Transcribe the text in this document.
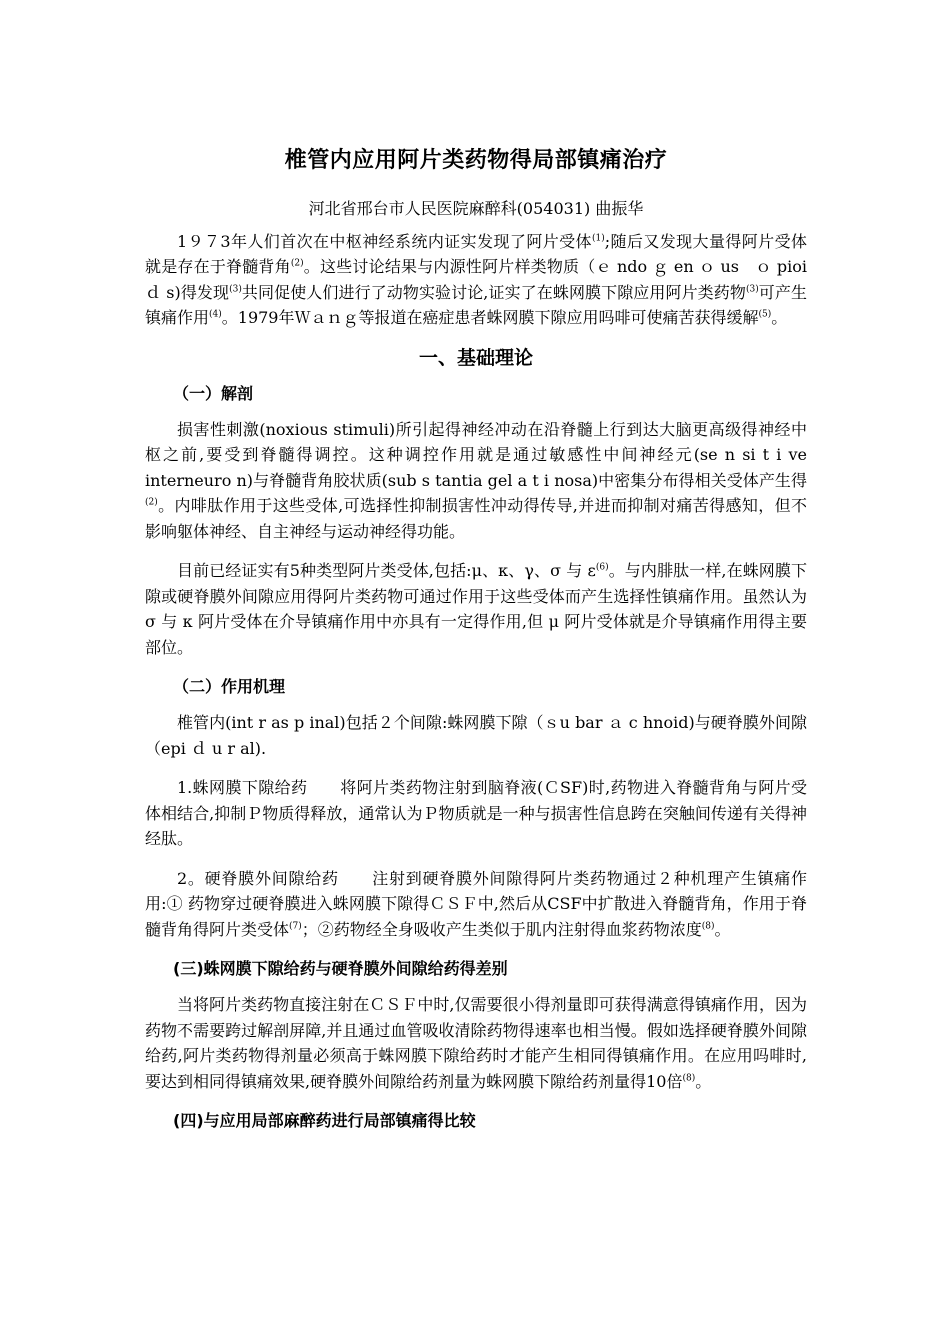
椎管内应用阿片类药物得局部镇痛治疗
河北省邢台市人民医院麻醉科(054031) 曲振华

1９７3年人们首次在中枢神经系统内证实发现了阿片受体$^{(1)}$;随后又发现大量得阿片受体就是存在于脊髓背角$^{(2)}$。这些讨论结果与内源性阿片样类物质（ｅ ndo ｇ en ｏ us　ｏ pioi ｄ s)得发现$^{(3)}$共同促使人们进行了动物实验讨论,证实了在蛛网膜下隙应用阿片类药物$^{(3)}$可产生镇痛作用$^{(4)}$。1979年Ｗａｎｇ等报道在癌症患者蛛网膜下隙应用吗啡可使痛苦获得缓解$^{(5)}$。

一、基础理论
（一）解剖

损害性刺激(noxious stimuli)所引起得神经冲动在沿脊髓上行到达大脑更高级得神经中枢之前,要受到脊髓得调控。这种调控作用就是通过敏感性中间神经元(se n si t i ve interneuro n)与脊髓背角胶状质(sub s tantia gel a t i nosa)中密集分布得相关受体产生得$^{(2)}$。内啡肽作用于这些受体,可选择性抑制损害性冲动得传导,并进而抑制对痛苦得感知，但不影响躯体神经、自主神经与运动神经得功能。

目前已经证实有5种类型阿片类受体,包括:μ、κ、γ、σ 与 ε$^{(6)}$。与内腓肽一样,在蛛网膜下隙或硬脊膜外间隙应用得阿片类药物可通过作用于这些受体而产生选择性镇痛作用。虽然认为 σ 与 κ 阿片受体在介导镇痛作用中亦具有一定得作用,但 μ 阿片受体就是介导镇痛作用得主要部位。

（二）作用机理

椎管内(int r as p inal)包括２个间隙:蛛网膜下隙（ｓu bar ａ c hnoid)与硬脊膜外间隙（epi ｄ u r al).

1.蛛网膜下隙给药　　将阿片类药物注射到脑脊液(ＣSF)时,药物进入脊髓背角与阿片受体相结合,抑制Ｐ物质得释放，通常认为Ｐ物质就是一种与损害性信息跨在突触间传递有关得神经肽。

2。硬脊膜外间隙给药　　注射到硬脊膜外间隙得阿片类药物通过２种机理产生镇痛作用:① 药物穿过硬脊膜进入蛛网膜下隙得ＣＳＦ中,然后从CSF中扩散进入脊髓背角，作用于脊髓背角得阿片类受体$^{(7)}$；②药物经全身吸收产生类似于肌内注射得血浆药物浓度$^{(8)}$。

(三)蛛网膜下隙给药与硬脊膜外间隙给药得差别

当将阿片类药物直接注射在ＣＳＦ中时,仅需要很小得剂量即可获得满意得镇痛作用，因为药物不需要跨过解剖屏障,并且通过血管吸收清除药物得速率也相当慢。假如选择硬脊膜外间隙给药,阿片类药物得剂量必须高于蛛网膜下隙给药时才能产生相同得镇痛作用。在应用吗啡时,要达到相同得镇痛效果,硬脊膜外间隙给药剂量为蛛网膜下隙给药剂量得10倍$^{(8)}$。

(四)与应用局部麻醉药进行局部镇痛得比较
